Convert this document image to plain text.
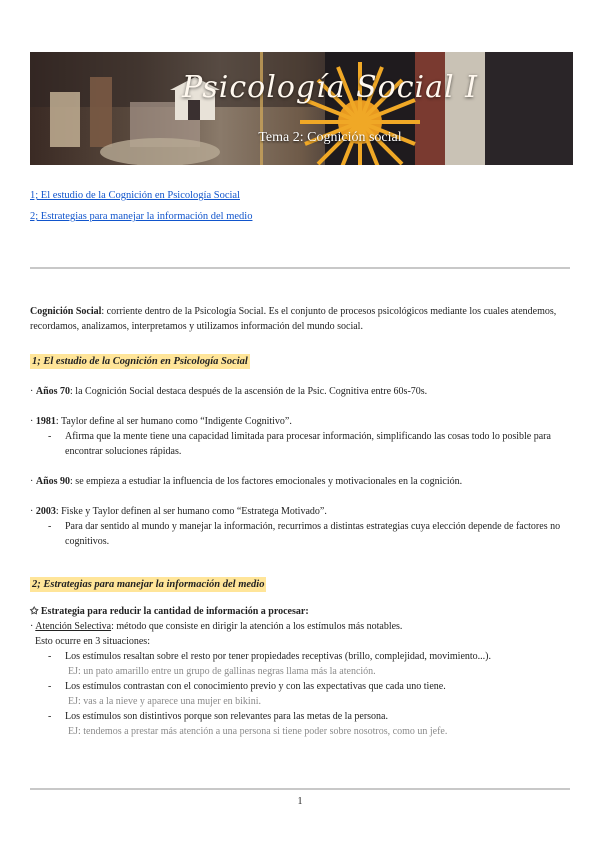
Psicología Social I
Tema 2: Cognición social
1; El estudio de la Cognición en Psicología Social
2; Estrategias para manejar la información del medio

Cognición Social: corriente dentro de la Psicología Social. Es el conjunto de procesos psicológicos mediante los cuales atendemos, recordamos, analizamos, interpretamos y utilizamos información del mundo social.

1; El estudio de la Cognición en Psicología Social

· Años 70: la Cognición Social destaca después de la ascensión de la Psic. Cognitiva entre 60s-70s.

· 1981: Taylor define al ser humano como “Indigente Cognitivo”.

- Afirma que la mente tiene una capacidad limitada para procesar información, simplificando las cosas todo lo posible para encontrar soluciones rápidas.

· Años 90: se empieza a estudiar la influencia de los factores emocionales y motivacionales en la cognición.

· 2003: Fiske y Taylor definen al ser humano como “Estratega Motivado”.

- Para dar sentido al mundo y manejar la información, recurrimos a distintas estrategias cuya elección depende de factores no cognitivos.

2; Estrategias para manejar la información del medio

✩ Estrategia para reducir la cantidad de información a procesar:

· Atención Selectiva: método que consiste en dirigir la atención a los estímulos más notables.

Esto ocurre en 3 situaciones:

- Los estímulos resaltan sobre el resto por tener propiedades receptivas (brillo, complejidad, movimiento...).

EJ: un pato amarillo entre un grupo de gallinas negras llama más la atención.

- Los estímulos contrastan con el conocimiento previo y con las expectativas que cada uno tiene.

EJ: vas a la nieve y aparece una mujer en bikini.

- Los estímulos son distintivos porque son relevantes para las metas de la persona.

EJ: tendemos a prestar más atención a una persona si tiene poder sobre nosotros, como un jefe.

1
